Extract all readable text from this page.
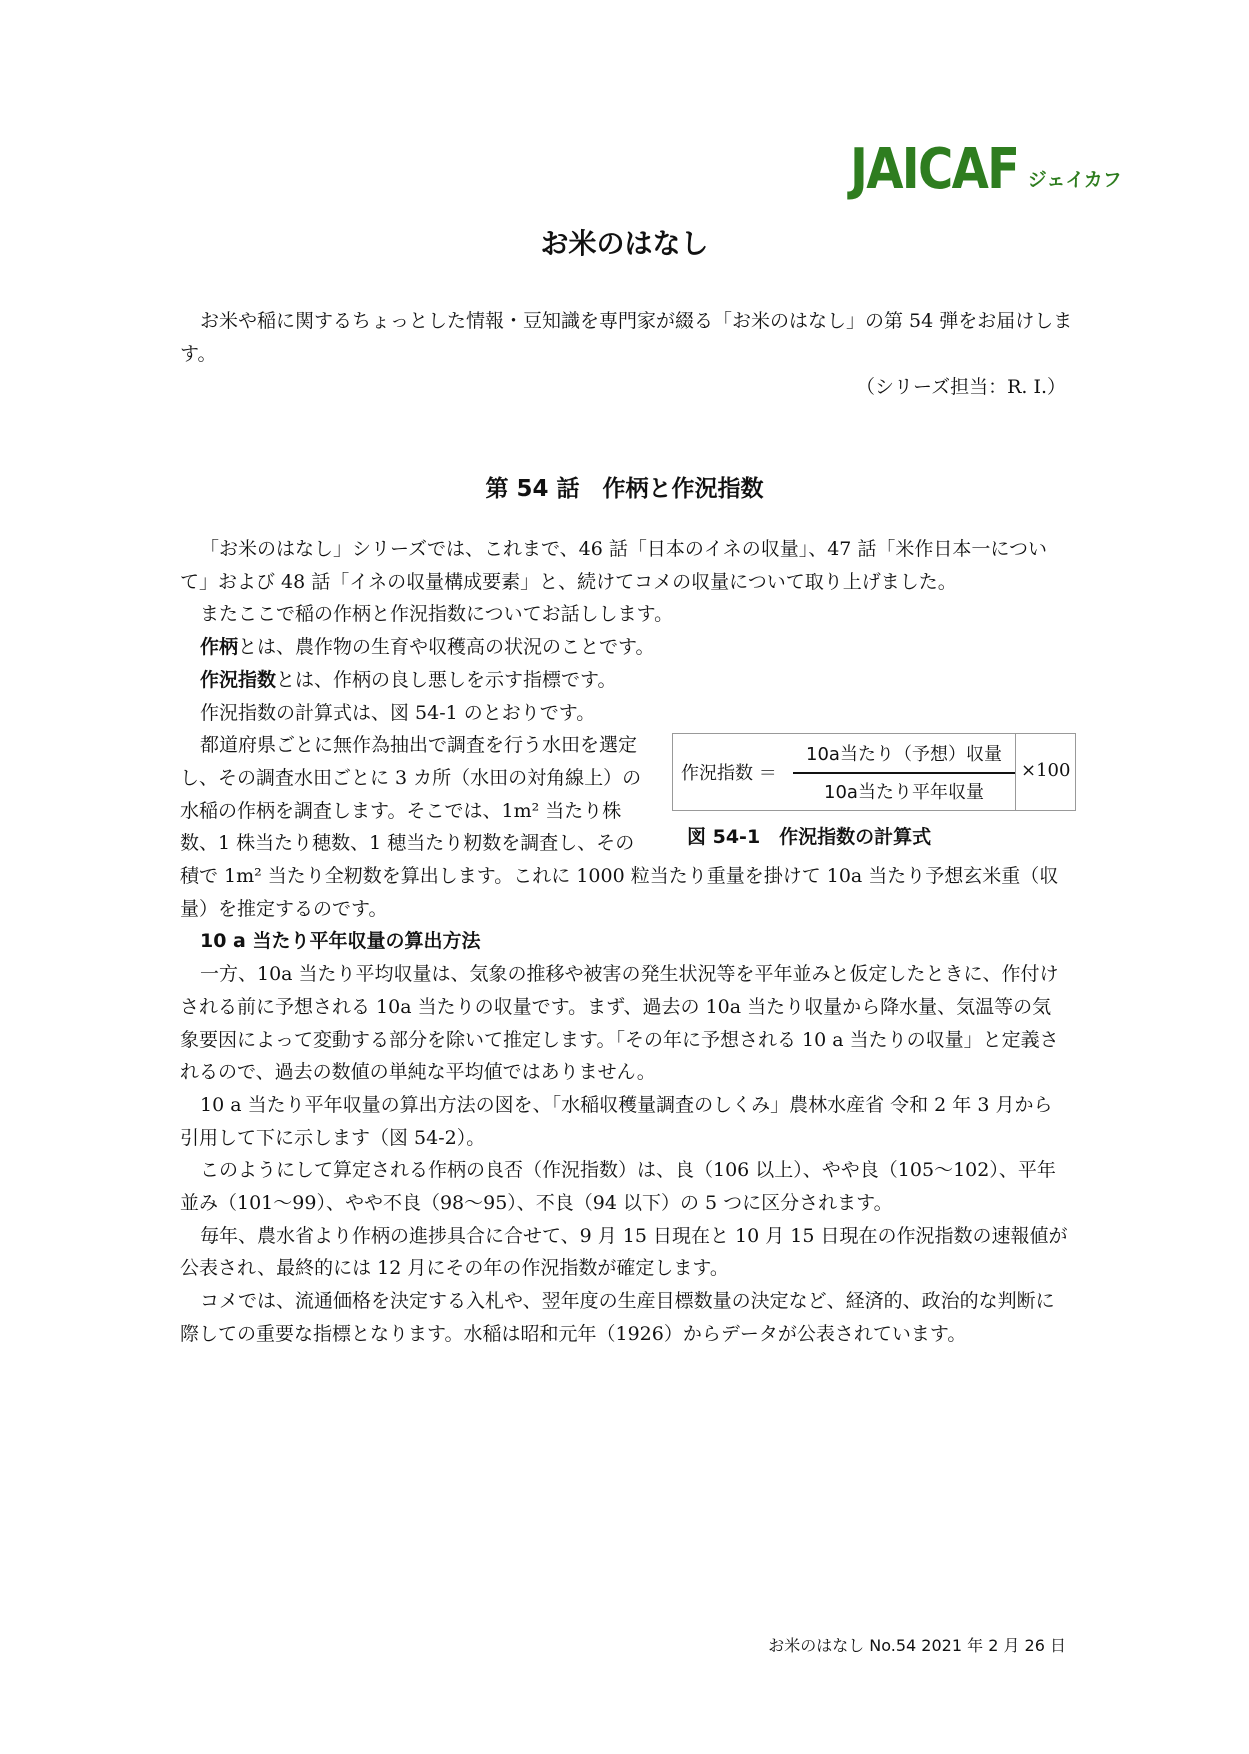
JAICAF ジェイカフ
お米のはなし

お米や稲に関するちょっとした情報・豆知識を専門家が綴る「お米のはなし」の第 54 弾をお届けします。

（シリーズ担当：R. I.）
第 54 話　作柄と作況指数

「お米のはなし」シリーズでは、これまで、46 話「日本のイネの収量」、47 話「米作日本一について」および 48 話「イネの収量構成要素」と、続けてコメの収量について取り上げました。

またここで稲の作柄と作況指数についてお話しします。

作柄とは、農作物の生育や収穫高の状況のことです。

作況指数とは、作柄の良し悪しを示す指標です。

作況指数の計算式は、図 54-1 のとおりです。

都道府県ごとに無作為抽出で調査を行う水田を選定し、その調査水田ごとに 3 カ所（水田の対角線上）の水稲の作柄を調査します。そこでは、1m² 当たり株数、1 株当たり穂数、1 穂当たり籾数を調査し、その積で 1m² 当たり全籾数を算出します。これに 1000 粒当たり重量を掛けて 10a 当たり予想玄米重（収量）を推定するのです。

10 a 当たり平年収量の算出方法

一方、10a 当たり平均収量は、気象の推移や被害の発生状況等を平年並みと仮定したときに、作付けされる前に予想される 10a 当たりの収量です。まず、過去の 10a 当たり収量から降水量、気温等の気象要因によって変動する部分を除いて推定します。「その年に予想される 10 a 当たりの収量」と定義されるので、過去の数値の単純な平均値ではありません。

10 a 当たり平年収量の算出方法の図を、「水稲収穫量調査のしくみ」農林水産省 令和 2 年 3 月から引用して下に示します（図 54-2）。

このようにして算定される作柄の良否（作況指数）は、良（106 以上）、やや良（105〜102）、平年並み（101〜99）、やや不良（98〜95）、不良（94 以下）の 5 つに区分されます。

毎年、農水省より作柄の進捗具合に合せて、9 月 15 日現在と 10 月 15 日現在の作況指数の速報値が公表され、最終的には 12 月にその年の作況指数が確定します。

コメでは、流通価格を決定する入札や、翌年度の生産目標数量の決定など、経済的、政治的な判断に際しての重要な指標となります。水稲は昭和元年（1926）からデータが公表されています。

作況指数 ＝
10a当たり（予想）収量
10a当たり平年収量
×100
図 54-1　作況指数の計算式
お米のはなし No.54 2021 年 2 月 26 日
